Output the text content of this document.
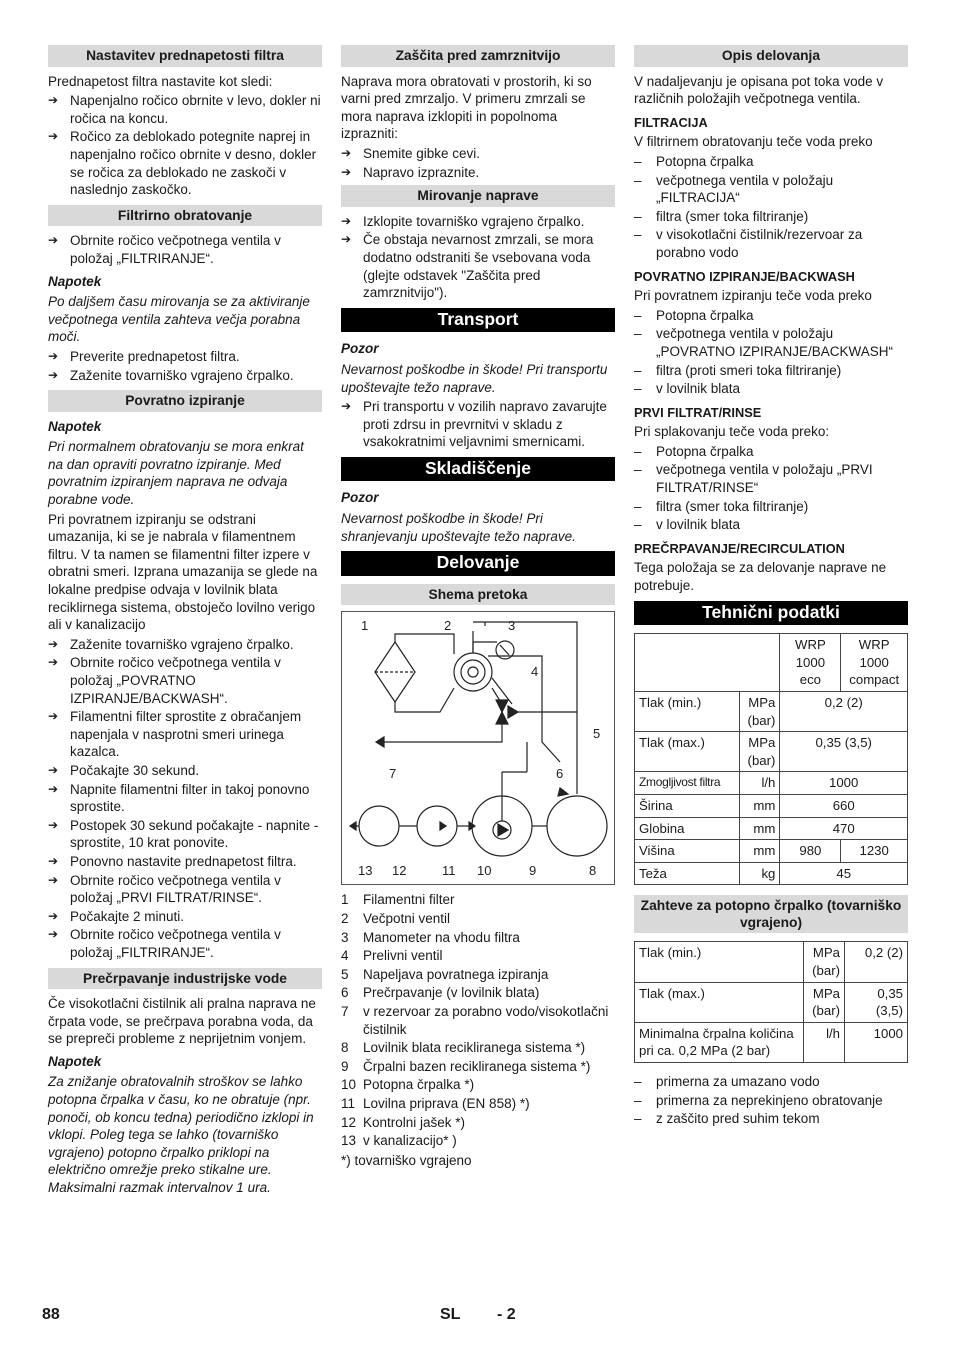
Nastavitev prednapetosti filtra

Prednapetost filtra nastavite kot sledi:

➔ Napenjalno ročico obrnite v levo, dokler ni ročica na koncu.
➔ Ročico za deblokado potegnite naprej in napenjalno ročico obrnite v desno, dokler se ročica za deblokado ne zaskoči v naslednjo zaskočko.
Filtrirno obratovanje
➔ Obrnite ročico večpotnega ventila v položaj „FILTRIRANJE“.
Napotek

Po daljšem času mirovanja se za aktiviranje večpotnega ventila zahteva večja porabna moči.

➔ Preverite prednapetost filtra.
➔ Zaženite tovarniško vgrajeno črpalko.
Povratno izpiranje
Napotek

Pri normalnem obratovanju se mora enkrat na dan opraviti povratno izpiranje. Med povratnim izpiranjem naprava ne odvaja porabne vode.

Pri povratnem izpiranju se odstrani umazanija, ki se je nabrala v filamentnem filtru. V ta namen se filamentni filter izpere v obratni smeri. Izprana umazanija se glede na lokalne predpise odvaja v lovilnik blata reciklirnega sistema, obstoječo lovilno verigo ali v kanalizacijo

➔ Zaženite tovarniško vgrajeno črpalko.
➔ Obrnite ročico večpotnega ventila v položaj „POVRATNO IZPIRANJE/BACKWASH“.
➔ Filamentni filter sprostite z obračanjem napenjala v nasprotni smeri urinega kazalca.
➔ Počakajte 30 sekund.
➔ Napnite filamentni filter in takoj ponovno sprostite.
➔ Postopek 30 sekund počakajte - napnite - sprostite, 10 krat ponovite.
➔ Ponovno nastavite prednapetost filtra.
➔ Obrnite ročico večpotnega ventila v položaj „PRVI FILTRAT/RINSE“.
➔ Počakajte 2 minuti.
➔ Obrnite ročico večpotnega ventila v položaj „FILTRIRANJE“.
Prečrpavanje industrijske vode

Če visokotlačni čistilnik ali pralna naprava ne črpata vode, se prečrpava porabna voda, da se prepreči probleme z neprijetnim vonjem.

Napotek

Za znižanje obratovalnih stroškov se lahko potopna črpalka v času, ko ne obratuje (npr. ponoči, ob koncu tedna) periodično izklopi in vklopi. Poleg tega se lahko (tovarniško vgrajeno) potopno črpalko priklopi na električno omrežje preko stikalne ure. Maksimalni razmak intervalnov 1 ura.

Zaščita pred zamrznitvijo

Naprava mora obratovati v prostorih, ki so varni pred zmrzaljo. V primeru zmrzali se mora naprava izklopiti in popolnoma izprazniti:

➔ Snemite gibke cevi.
➔ Napravo izpraznite.
Mirovanje naprave
➔ Izklopite tovarniško vgrajeno črpalko.
➔ Če obstaja nevarnost zmrzali, se mora dodatno odstraniti še vsebovana voda (glejte odstavek "Zaščita pred zamrznitvijo").
Transport
Pozor

Nevarnost poškodbe in škode! Pri transportu upoštevajte težo naprave.

➔ Pri transportu v vozilih napravo zavarujte proti zdrsu in prevrnitvi v skladu z vsakokratnimi veljavnimi smernicami.
Skladiščenje
Pozor

Nevarnost poškodbe in škode! Pri shranjevanju upoštevajte težo naprave.

Delovanje
Shema pretoka
1	2	3
4
5
6
7
8
9
10
11
12
13
1 Filamentni filter
2 Večpotni ventil
3 Manometer na vhodu filtra
4 Prelivni ventil
5 Napeljava povratnega izpiranja
6 Prečrpavanje (v lovilnik blata)
7 v rezervoar za porabno vodo/visokotlačni čistilnik
8 Lovilnik blata recikliranega sistema *)
9 Črpalni bazen recikliranega sistema *)
10 Potopna črpalka *)
11 Lovilna priprava (EN 858) *)
12 Kontrolni jašek *)
13 v kanalizacijo* )

*) tovarniško vgrajeno

Opis delovanja

V nadaljevanju je opisana pot toka vode v različnih položajih večpotnega ventila.

FILTRACIJA

V filtrirnem obratovanju teče voda preko

– Potopna črpalka
– večpotnega ventila v položaju „FILTRACIJA“
– filtra (smer toka filtriranje)
– v visokotlačni čistilnik/rezervoar za porabno vodo
POVRATNO IZPIRANJE/BACKWASH

Pri povratnem izpiranju teče voda preko

– Potopna črpalka
– večpotnega ventila v položaju „POVRATNO IZPIRANJE/BACKWASH“
– filtra (proti smeri toka filtriranje)
– v lovilnik blata
PRVI FILTRAT/RINSE

Pri splakovanju teče voda preko:

– Potopna črpalka
– večpotnega ventila v položaju „PRVI FILTRAT/RINSE“
– filtra (smer toka filtriranje)
– v lovilnik blata
PREČRPAVANJE/RECIRCULATION

Tega položaja se za delovanje naprave ne potrebuje.

Tehnični podatki
		WRP 1000 eco	WRP 1000 compact
Tlak (min.)	MPa (bar)	0,2 (2)	
Tlak (max.)	MPa (bar)	0,35 (3,5)	
Zmogljivost filtra	l/h	1000	
Širina	mm	660	
Globina	mm	470	
Višina	mm	980	1230
Teža	kg	45	
Zahteve za potopno črpalko (tovarniško vgrajeno)
Tlak (min.)	MPa (bar)	0,2 (2)
Tlak (max.)	MPa (bar)	0,35 (3,5)
Minimalna črpalna količina pri ca. 0,2 MPa (2 bar)	l/h	1000
– primerna za umazano vodo
– primerna za neprekinjeno obratovanje
– z zaščito pred suhim tekom
88	SL - 2
